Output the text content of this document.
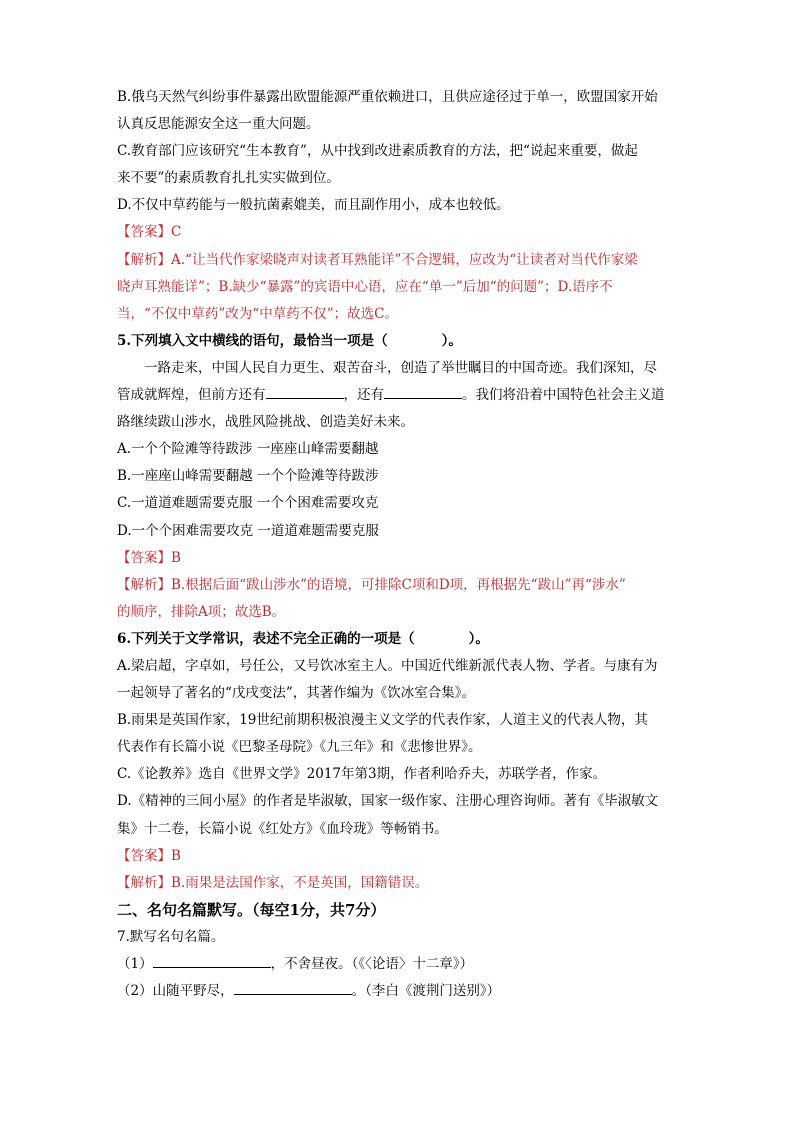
B.俄乌天然气纠纷事件暴露出欧盟能源严重依赖进口，且供应途径过于单一，欧盟国家开始
认真反思能源安全这一重大问题。
C.教育部门应该研究“生本教育”，从中找到改进素质教育的方法，把“说起来重要，做起
来不要”的素质教育扎扎实实做到位。
D.不仅中草药能与一般抗菌素媲美，而且副作用小，成本也较低。
【答案】C
【解析】A.“让当代作家梁晓声对读者耳熟能详”不合逻辑，应改为“让读者对当代作家梁
晓声耳熟能详”；B.缺少“暴露”的宾语中心语，应在“单一”后加“的问题”；D.语序不
当，“不仅中草药”改为“中草药不仅”；故选C。
5.下列填入文中横线的语句，最恰当一项是（	）。
一路走来，中国人民自力更生、艰苦奋斗，创造了举世瞩目的中国奇迹。我们深知，尽
管成就辉煌，但前方还有	，还有	。我们将沿着中国特色社会主义道
路继续跋山涉水，战胜风险挑战、创造美好未来。
A.一个个险滩等待跋涉 一座座山峰需要翻越
B.一座座山峰需要翻越 一个个险滩等待跋涉
C.一道道难题需要克服 一个个困难需要攻克
D.一个个困难需要攻克 一道道难题需要克服
【答案】B
【解析】B.根据后面“跋山涉水”的语境，可排除C项和D项，再根据先“跋山”再“涉水”
的顺序，排除A项；故选B。
6.下列关于文学常识，表述不完全正确的一项是（	）。
A.梁启超，字卓如，号任公，又号饮冰室主人。中国近代维新派代表人物、学者。与康有为
一起领导了著名的“戊戌变法”，其著作编为《饮冰室合集》。
B.雨果是英国作家，19世纪前期积极浪漫主义文学的代表作家，人道主义的代表人物，其
代表作有长篇小说《巴黎圣母院》《九三年》和《悲惨世界》。
C.《论教养》选自《世界文学》2017年第3期，作者利哈乔夫，苏联学者，作家。
D.《精神的三间小屋》的作者是毕淑敏，国家一级作家、注册心理咨询师。著有《毕淑敏文
集》十二卷，长篇小说《红处方》《血玲珑》等畅销书。
【答案】B
【解析】B.雨果是法国作家，不是英国，国籍错误。
二、名句名篇默写。（每空1分，共7分）
7.默写名句名篇。
（1）	，不舍昼夜。（《〈论语〉十二章》）
（2）山随平野尽，	。（李白《渡荆门送别》）
